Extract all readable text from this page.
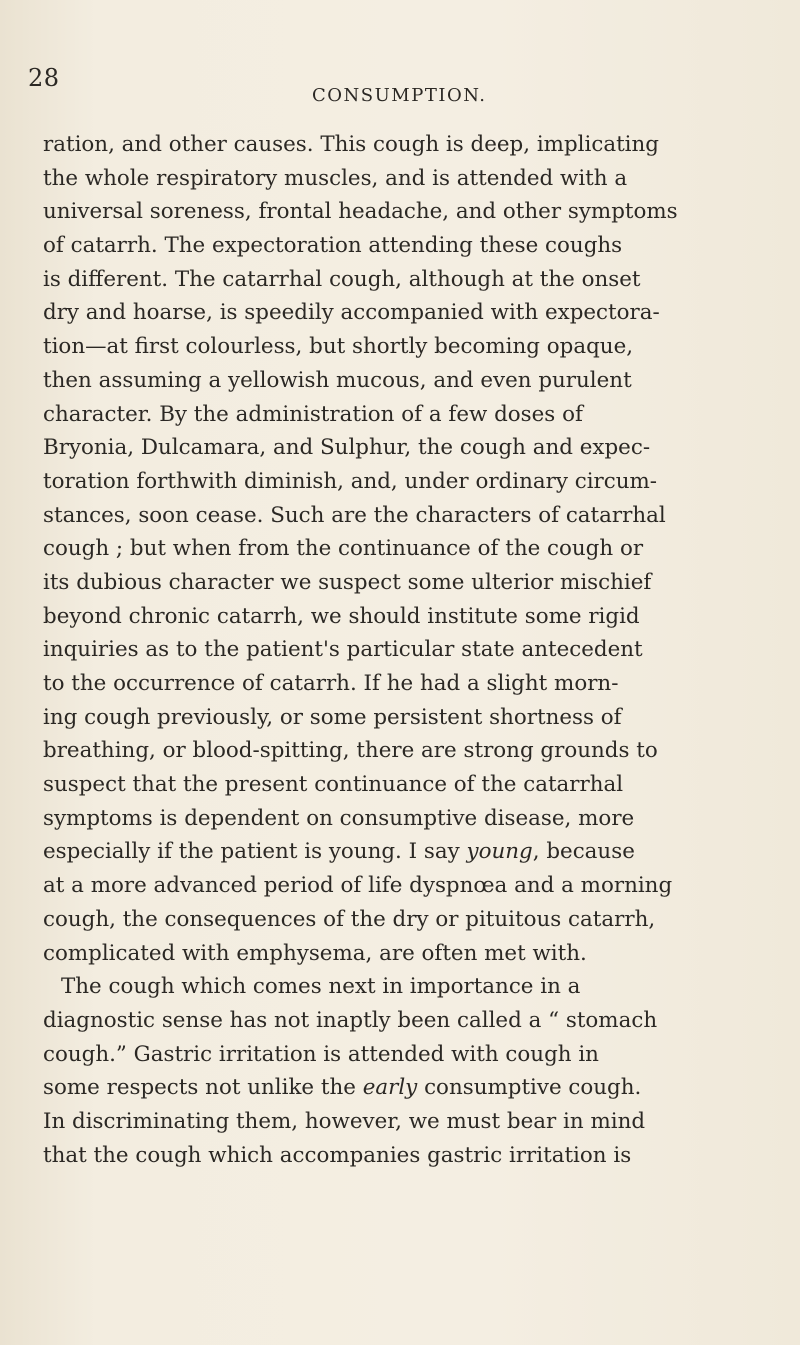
28
CONSUMPTION.
ration, and other causes. This cough is deep, implicating
the whole respiratory muscles, and is attended with a
universal soreness, frontal headache, and other symptoms
of catarrh. The expectoration attending these coughs
is different. The catarrhal cough, although at the onset
dry and hoarse, is speedily accompanied with expectora-
tion—at first colourless, but shortly becoming opaque,
then assuming a yellowish mucous, and even purulent
character. By the administration of a few doses of
Bryonia, Dulcamara, and Sulphur, the cough and expec-
toration forthwith diminish, and, under ordinary circum-
stances, soon cease. Such are the characters of catarrhal
cough ; but when from the continuance of the cough or
its dubious character we suspect some ulterior mischief
beyond chronic catarrh, we should institute some rigid
inquiries as to the patient's particular state antecedent
to the occurrence of catarrh. If he had a slight morn-
ing cough previously, or some persistent shortness of
breathing, or blood-spitting, there are strong grounds to
suspect that the present continuance of the catarrhal
symptoms is dependent on consumptive disease, more
especially if the patient is young. I say young, because
at a more advanced period of life dyspnœa and a morning
cough, the consequences of the dry or pituitous catarrh,
complicated with emphysema, are often met with.
The cough which comes next in importance in a
diagnostic sense has not inaptly been called a “ stomach
cough.” Gastric irritation is attended with cough in
some respects not unlike the early consumptive cough.
In discriminating them, however, we must bear in mind
that the cough which accompanies gastric irritation is
